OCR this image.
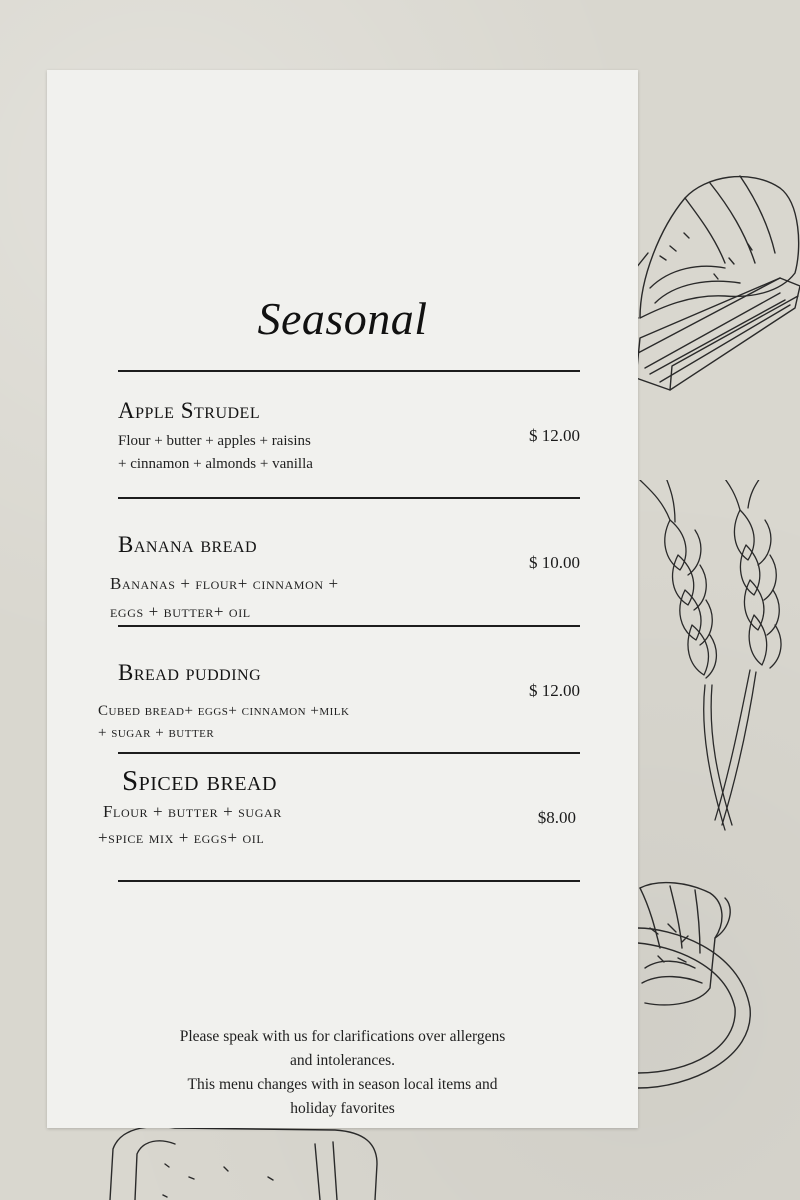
Seasonal
Apple Strudel
Flour + butter + apples + raisins
+ cinnamon + almonds + vanilla
$ 12.00
Banana bread
Bananas + flour+ cinnamon +
eggs + butter+ oil
$ 10.00
Bread pudding
Cubed bread+ eggs+ cinnamon +milk
+ sugar + butter
$ 12.00
Spiced bread
Flour + butter + sugar
+spice mix + eggs+ oil
$8.00
Please speak with us for clarifications over allergens
and intolerances.
This menu changes with in season local items and
holiday favorites
